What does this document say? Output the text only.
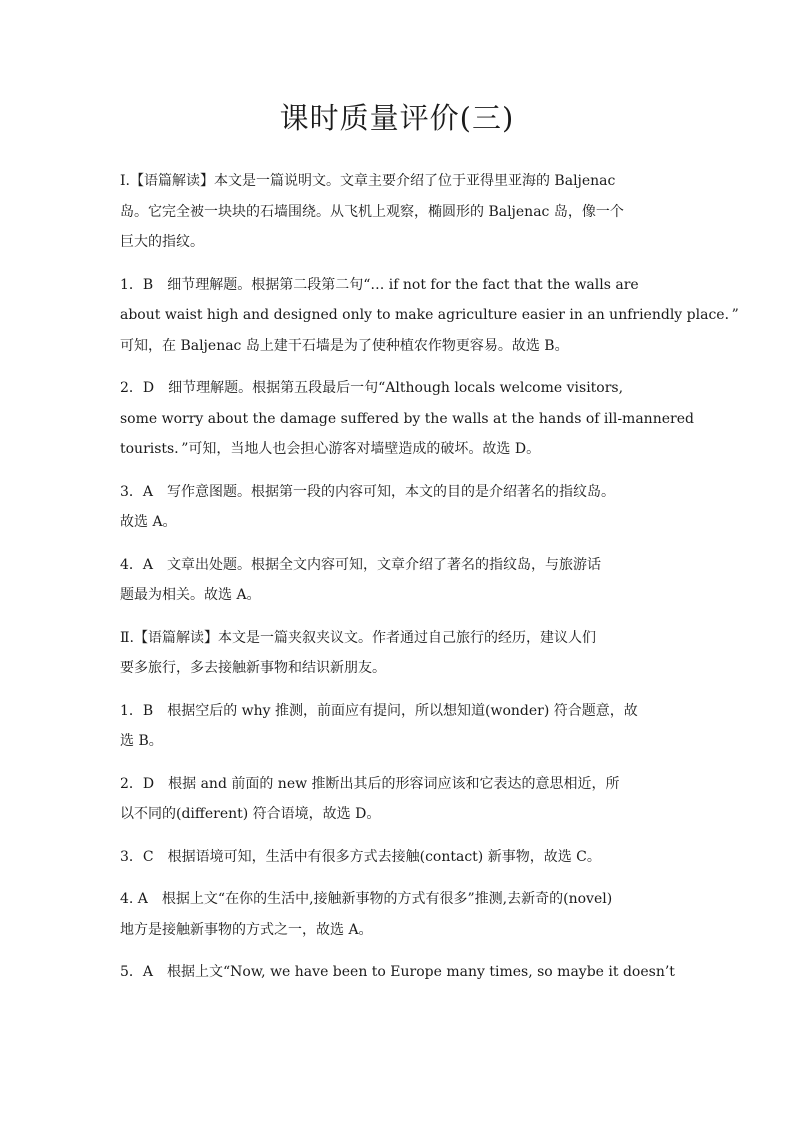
课时质量评价(三)
Ⅰ.【语篇解读】本文是一篇说明文。文章主要介绍了位于亚得里亚海的 Baljenac
岛。它完全被一块块的石墙围绕。从飞机上观察，椭圆形的 Baljenac 岛，像一个
巨大的指纹。
1．B　细节理解题。根据第二段第二句“… if not for the fact that the walls are
about waist high and designed only to make agriculture easier in an unfriendly place．”
可知，在 Baljenac 岛上建干石墙是为了使种植农作物更容易。故选 B。
2．D　细节理解题。根据第五段最后一句“Although locals welcome visitors,
some worry about the damage suffered by the walls at the hands of ill-mannered
tourists．”可知，当地人也会担心游客对墙壁造成的破坏。故选 D。
3．A　写作意图题。根据第一段的内容可知，本文的目的是介绍著名的指纹岛。
故选 A。
4．A　文章出处题。根据全文内容可知，文章介绍了著名的指纹岛，与旅游话
题最为相关。故选 A。
Ⅱ.【语篇解读】本文是一篇夹叙夹议文。作者通过自己旅行的经历，建议人们
要多旅行，多去接触新事物和结识新朋友。
1．B　根据空后的 why 推测，前面应有提问，所以想知道(wonder) 符合题意，故
选 B。
2．D　根据 and 前面的 new 推断出其后的形容词应该和它表达的意思相近，所
以不同的(different) 符合语境，故选 D。
3．C　根据语境可知，生活中有很多方式去接触(contact) 新事物，故选 C。
4. A　根据上文“在你的生活中,接触新事物的方式有很多”推测,去新奇的(novel)
地方是接触新事物的方式之一，故选 A。
5．A　根据上文“Now, we have been to Europe many times, so maybe it doesn’t
